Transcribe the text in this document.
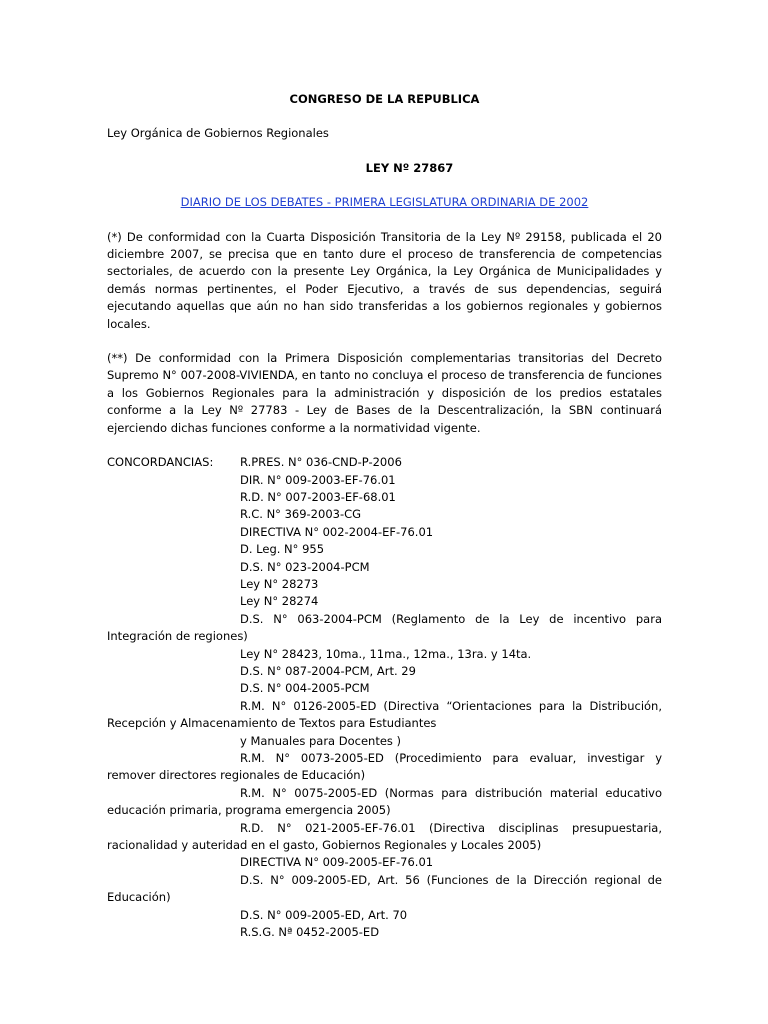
CONGRESO DE LA REPUBLICA

Ley Orgánica de Gobiernos Regionales

LEY Nº 27867

DIARIO DE LOS DEBATES - PRIMERA LEGISLATURA ORDINARIA DE 2002

(*) De conformidad con la Cuarta Disposición Transitoria de la Ley Nº 29158, publicada el 20 diciembre 2007, se precisa que en tanto dure el proceso de transferencia de competencias sectoriales, de acuerdo con la presente Ley Orgánica, la Ley Orgánica de Municipalidades y demás normas pertinentes, el Poder Ejecutivo, a través de sus dependencias, seguirá ejecutando aquellas que aún no han sido transferidas a los gobiernos regionales y gobiernos locales.

(**) De conformidad con la Primera Disposición complementarias transitorias del Decreto Supremo N° 007-2008-VIVIENDA, en tanto no concluya el proceso de transferencia de funciones a los Gobiernos Regionales para la administración y disposición de los predios estatales conforme a la Ley Nº 27783 - Ley de Bases de la Descentralización, la SBN continuará ejerciendo dichas funciones conforme a la normatividad vigente.

CONCORDANCIAS:	R.PRES. N° 036-CND-P-2006
DIR. N° 009-2003-EF-76.01
R.D. N° 007-2003-EF-68.01
R.C. N° 369-2003-CG
DIRECTIVA N° 002-2004-EF-76.01
D. Leg. N° 955
D.S. N° 023-2004-PCM
Ley N° 28273
Ley N° 28274
D.S. N° 063-2004-PCM (Reglamento de la Ley de incentivo para Integración de regiones)
Ley N° 28423, 10ma., 11ma., 12ma., 13ra. y 14ta.
D.S. N° 087-2004-PCM, Art. 29
D.S. N° 004-2005-PCM
R.M. N° 0126-2005-ED (Directiva “Orientaciones para la Distribución, Recepción y Almacenamiento de Textos para Estudiantes
y Manuales para Docentes )
R.M. N° 0073-2005-ED (Procedimiento para evaluar, investigar y remover directores regionales de Educación)
R.M. N° 0075-2005-ED (Normas para distribución material educativo educación primaria, programa emergencia 2005)
R.D. N° 021-2005-EF-76.01 (Directiva disciplinas presupuestaria, racionalidad y auteridad en el gasto, Gobiernos Regionales y Locales 2005)
DIRECTIVA N° 009-2005-EF-76.01
D.S. N° 009-2005-ED, Art. 56 (Funciones de la Dirección regional de Educación)
D.S. N° 009-2005-ED, Art. 70
R.S.G. Nª 0452-2005-ED
